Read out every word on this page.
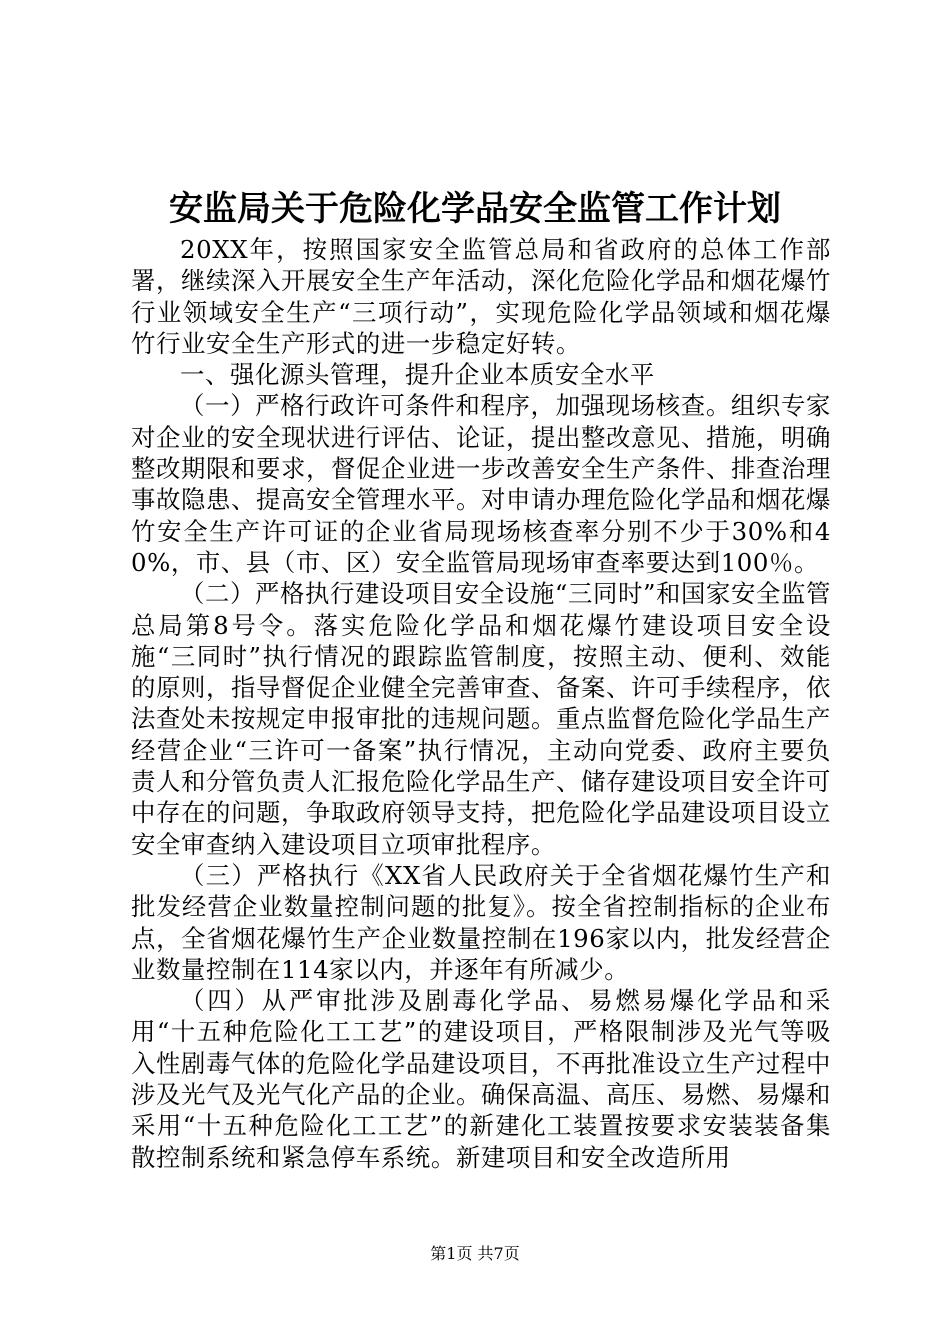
安监局关于危险化学品安全监管工作计划

20XX年，按照国家安全监管总局和省政府的总体工作部署，继续深入开展安全生产年活动，深化危险化学品和烟花爆竹行业领域安全生产“三项行动”，实现危险化学品领域和烟花爆竹行业安全生产形式的进一步稳定好转。

一、强化源头管理，提升企业本质安全水平

（一）严格行政许可条件和程序，加强现场核查。组织专家对企业的安全现状进行评估、论证，提出整改意见、措施，明确整改期限和要求，督促企业进一步改善安全生产条件、排查治理事故隐患、提高安全管理水平。对申请办理危险化学品和烟花爆竹安全生产许可证的企业省局现场核查率分别不少于30%和40%，市、县（市、区）安全监管局现场审查率要达到100％。

（二）严格执行建设项目安全设施“三同时”和国家安全监管总局第8号令。落实危险化学品和烟花爆竹建设项目安全设施“三同时”执行情况的跟踪监管制度，按照主动、便利、效能的原则，指导督促企业健全完善审查、备案、许可手续程序，依法查处未按规定申报审批的违规问题。重点监督危险化学品生产经营企业“三许可一备案”执行情况，主动向党委、政府主要负责人和分管负责人汇报危险化学品生产、储存建设项目安全许可中存在的问题，争取政府领导支持，把危险化学品建设项目设立安全审查纳入建设项目立项审批程序。

（三）严格执行《XX省人民政府关于全省烟花爆竹生产和批发经营企业数量控制问题的批复》。按全省控制指标的企业布点，全省烟花爆竹生产企业数量控制在196家以内，批发经营企业数量控制在114家以内，并逐年有所减少。

（四）从严审批涉及剧毒化学品、易燃易爆化学品和采用“十五种危险化工工艺”的建设项目，严格限制涉及光气等吸入性剧毒气体的危险化学品建设项目，不再批准设立生产过程中涉及光气及光气化产品的企业。确保高温、高压、易燃、易爆和采用“十五种危险化工工艺”的新建化工装置按要求安装装备集散控制系统和紧急停车系统。新建项目和安全改造所用

第1页 共7页
